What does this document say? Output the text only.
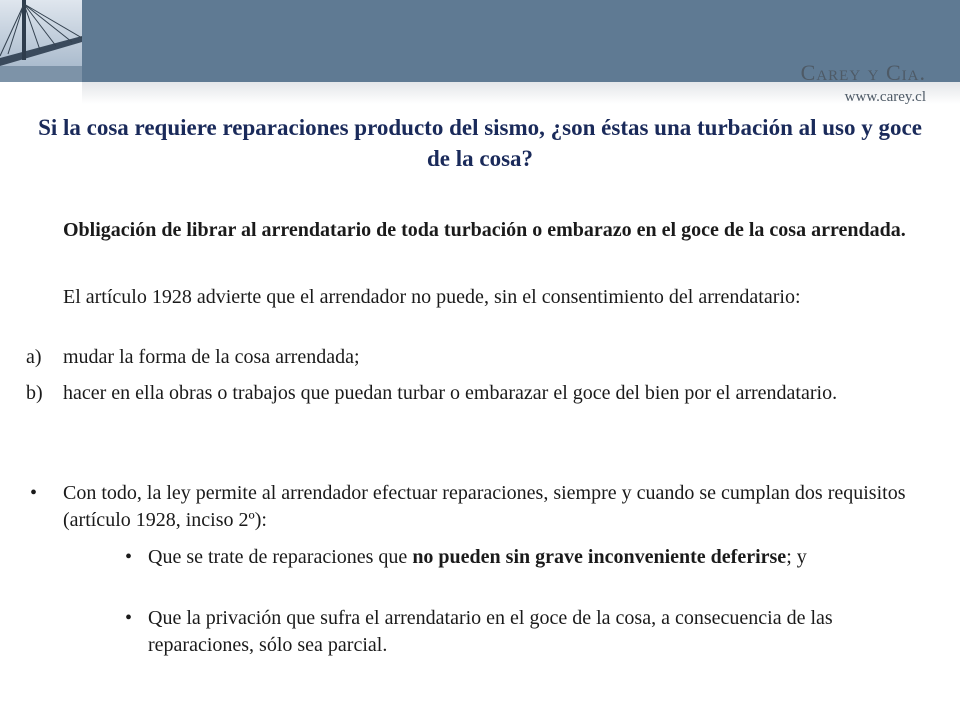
Carey y Cia.
www.carey.cl
Si la cosa requiere reparaciones producto del sismo, ¿son éstas una turbación al uso y goce de la cosa?
Obligación de librar al arrendatario de toda turbación o embarazo en el goce de la cosa arrendada.
El artículo 1928 advierte que el arrendador no puede, sin el consentimiento del arrendatario:
a) mudar la forma de la cosa arrendada;
b) hacer en ella obras o trabajos que puedan turbar o embarazar el goce del bien por el arrendatario.
• Con todo, la ley permite al arrendador efectuar reparaciones, siempre y cuando se cumplan dos requisitos (artículo 1928, inciso 2º):
• Que se trate de reparaciones que no pueden sin grave inconveniente deferirse; y
• Que la privación que sufra el arrendatario en el goce de la cosa, a consecuencia de las reparaciones, sólo sea parcial.
